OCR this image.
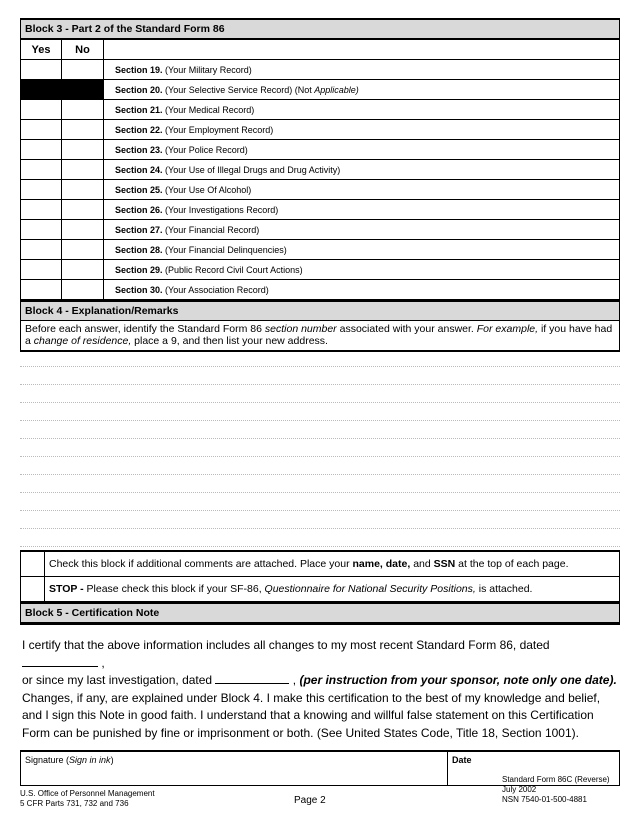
Block 3 - Part 2 of the Standard Form 86
Yes	No	
		Section 19. (Your Military Record)
		Section 20. (Your Selective Service Record) (Not Applicable)
		Section 21. (Your Medical Record)
		Section 22. (Your Employment Record)
		Section 23. (Your Police Record)
		Section 24. (Your Use of Illegal Drugs and Drug Activity)
		Section 25. (Your Use Of Alcohol)
		Section 26. (Your Investigations Record)
		Section 27. (Your Financial Record)
		Section 28. (Your Financial Delinquencies)
		Section 29. (Public Record Civil Court Actions)
		Section 30. (Your Association Record)
Block 4 - Explanation/Remarks
Before each answer, identify the Standard Form 86 section number associated with your answer. For example, if you have had a change of residence, place a 9, and then list your new address.
Check this block if additional comments are attached. Place your name, date, and SSN at the top of each page.
STOP - Please check this block if your SF-86, Questionnaire for National Security Positions, is attached.
Block 5 - Certification Note
I certify that the above information includes all changes to my most recent Standard Form 86, dated ,
or since my last investigation, dated	, (per instruction from your sponsor, note only one date). Changes, if any, are explained under Block 4. I make this certification to the best of my knowledge and belief, and I sign this Note in good faith. I understand that a knowing and willful false statement on this Certification Form can be punished by fine or imprisonment or both. (See United States Code, Title 18, Section 1001).
Signature (Sign in ink)	Date
U.S. Office of Personnel Management
5 CFR Parts 731, 732 and 736	Page 2
Standard Form 86C (Reverse)
July 2002
NSN 7540-01-500-4881
